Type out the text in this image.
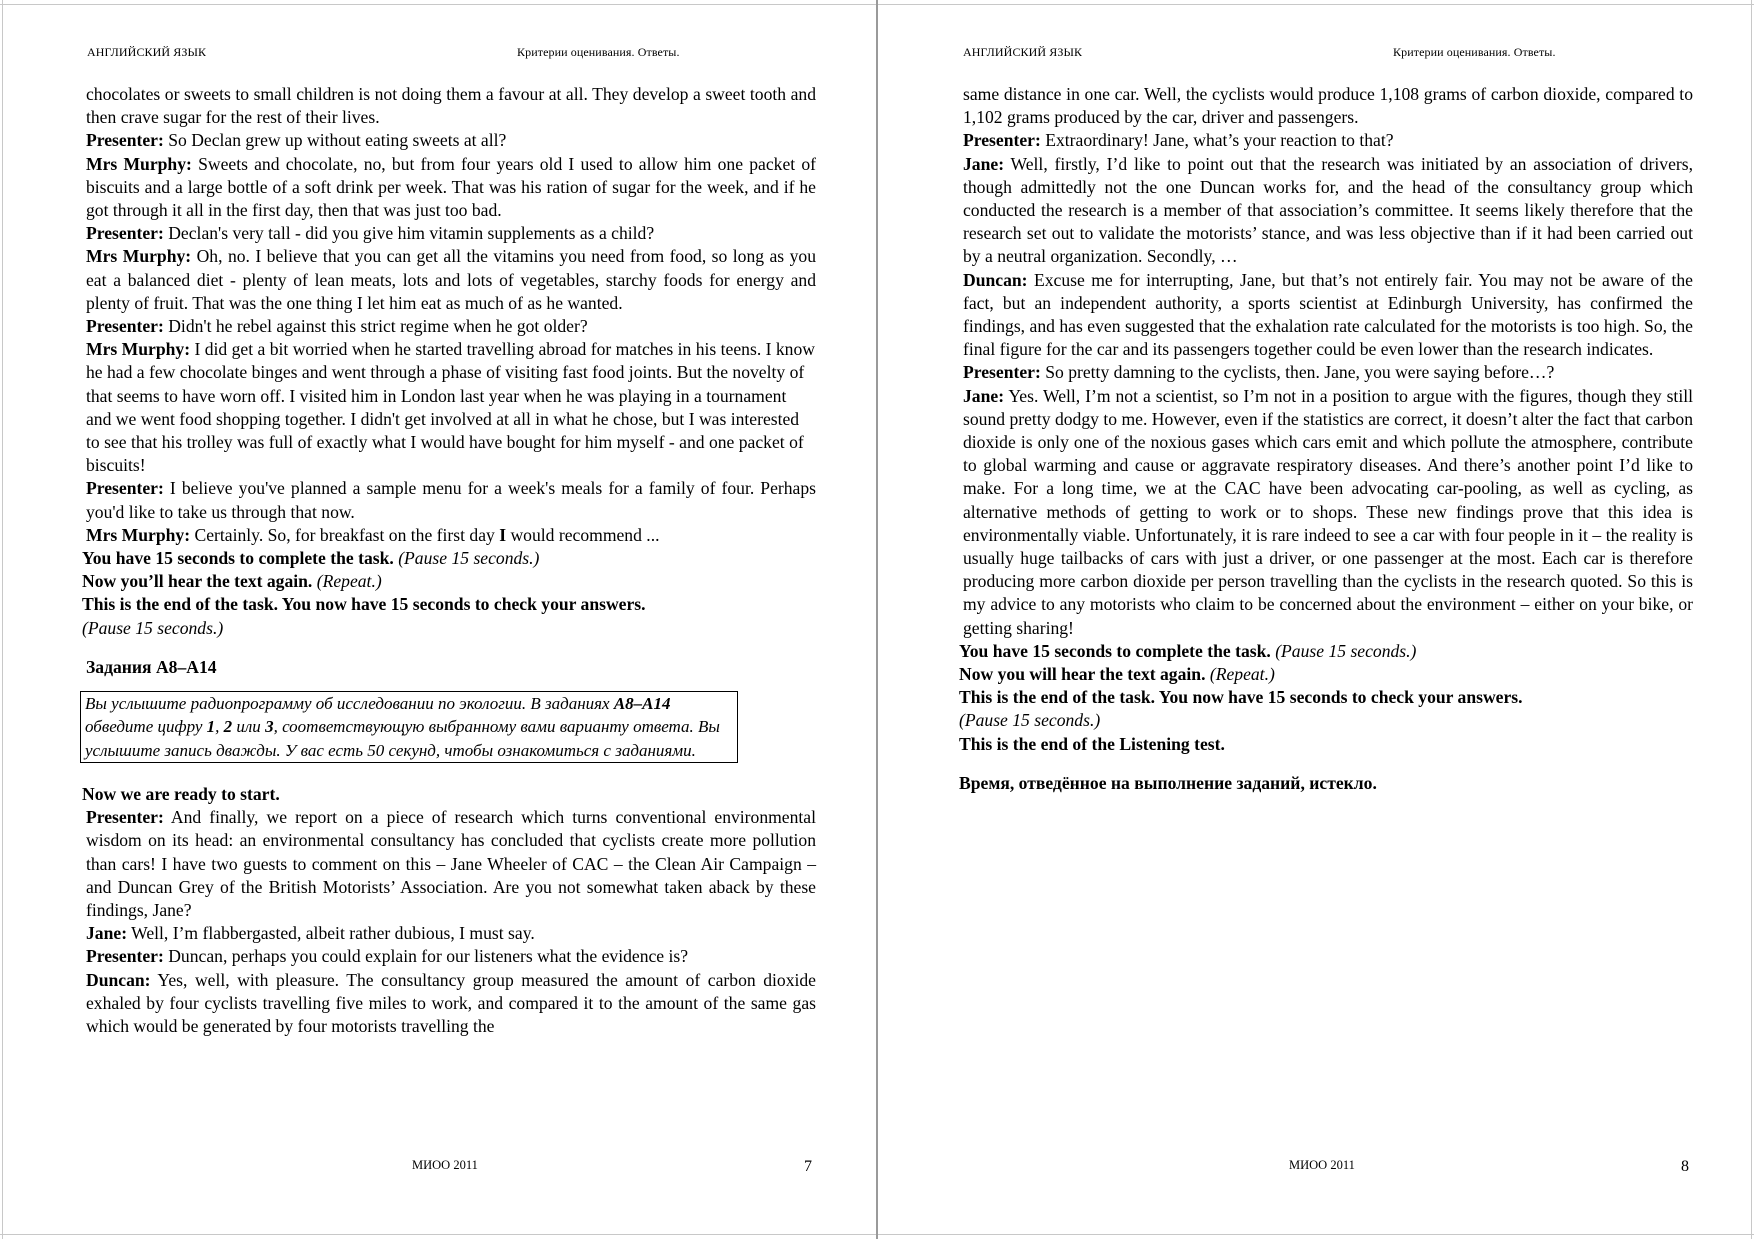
АНГЛИЙСКИЙ ЯЗЫК	Критерии оценивания. Ответы.

chocolates or sweets to small children is not doing them a favour at all. They develop a sweet tooth and then crave sugar for the rest of their lives.

Presenter: So Declan grew up without eating sweets at all?

Mrs Murphy: Sweets and chocolate, no, but from four years old I used to allow him one packet of biscuits and a large bottle of a soft drink per week. That was his ration of sugar for the week, and if he got through it all in the first day, then that was just too bad.

Presenter: Declan's very tall - did you give him vitamin supplements as a child?

Mrs Murphy: Oh, no. I believe that you can get all the vitamins you need from food, so long as you eat a balanced diet - plenty of lean meats, lots and lots of vegetables, starchy foods for energy and plenty of fruit. That was the one thing I let him eat as much of as he wanted.

Presenter: Didn't he rebel against this strict regime when he got older?

Mrs Murphy: I did get a bit worried when he started travelling abroad for matches in his teens. I know he had a few chocolate binges and went through a phase of visiting fast food joints. But the novelty of that seems to have worn off. I visited him in London last year when he was playing in a tournament and we went food shopping together. I didn't get involved at all in what he chose, but I was interested to see that his trolley was full of exactly what I would have bought for him myself - and one packet of biscuits!

Presenter: I believe you've planned a sample menu for a week's meals for a family of four. Perhaps you'd like to take us through that now.

Mrs Murphy: Certainly. So, for breakfast on the first day I would recommend ...

You have 15 seconds to complete the task. (Pause 15 seconds.)

Now you’ll hear the text again. (Repeat.)

This is the end of the task. You now have 15 seconds to check your answers.

(Pause 15 seconds.)

Задания А8–А14

Вы услышите радиопрограмму об исследовании по экологии. В заданиях А8–А14 обведите цифру 1, 2 или 3, соответствующую выбранному вами варианту ответа. Вы услышите запись дважды. У вас есть 50 секунд, чтобы ознакомиться с заданиями.

Now we are ready to start.

Presenter: And finally, we report on a piece of research which turns conventional environmental wisdom on its head: an environmental consultancy has concluded that cyclists create more pollution than cars! I have two guests to comment on this – Jane Wheeler of CAC – the Clean Air Campaign – and Duncan Grey of the British Motorists’ Association. Are you not somewhat taken aback by these findings, Jane?

Jane: Well, I’m flabbergasted, albeit rather dubious, I must say.

Presenter: Duncan, perhaps you could explain for our listeners what the evidence is?

Duncan: Yes, well, with pleasure. The consultancy group measured the amount of carbon dioxide exhaled by four cyclists travelling five miles to work, and compared it to the amount of the same gas which would be generated by four motorists travelling the

МИОО 2011	7
АНГЛИЙСКИЙ ЯЗЫК	Критерии оценивания. Ответы.

same distance in one car. Well, the cyclists would produce 1,108 grams of carbon dioxide, compared to 1,102 grams produced by the car, driver and passengers.

Presenter: Extraordinary! Jane, what’s your reaction to that?

Jane: Well, firstly, I’d like to point out that the research was initiated by an association of drivers, though admittedly not the one Duncan works for, and the head of the consultancy group which conducted the research is a member of that association’s committee. It seems likely therefore that the research set out to validate the motorists’ stance, and was less objective than if it had been carried out by a neutral organization. Secondly, …

Duncan: Excuse me for interrupting, Jane, but that’s not entirely fair. You may not be aware of the fact, but an independent authority, a sports scientist at Edinburgh University, has confirmed the findings, and has even suggested that the exhalation rate calculated for the motorists is too high. So, the final figure for the car and its passengers together could be even lower than the research indicates.

Presenter: So pretty damning to the cyclists, then. Jane, you were saying before…?

Jane: Yes. Well, I’m not a scientist, so I’m not in a position to argue with the figures, though they still sound pretty dodgy to me. However, even if the statistics are correct, it doesn’t alter the fact that carbon dioxide is only one of the noxious gases which cars emit and which pollute the atmosphere, contribute to global warming and cause or aggravate respiratory diseases. And there’s another point I’d like to make. For a long time, we at the CAC have been advocating car-pooling, as well as cycling, as alternative methods of getting to work or to shops. These new findings prove that this idea is environmentally viable. Unfortunately, it is rare indeed to see a car with four people in it – the reality is usually huge tailbacks of cars with just a driver, or one passenger at the most. Each car is therefore producing more carbon dioxide per person travelling than the cyclists in the research quoted. So this is my advice to any motorists who claim to be concerned about the environment – either on your bike, or getting sharing!

You have 15 seconds to complete the task. (Pause 15 seconds.)

Now you will hear the text again. (Repeat.)

This is the end of the task. You now have 15 seconds to check your answers.

(Pause 15 seconds.)

This is the end of the Listening test.

Время, отведённое на выполнение заданий, истекло.

МИОО 2011	8
